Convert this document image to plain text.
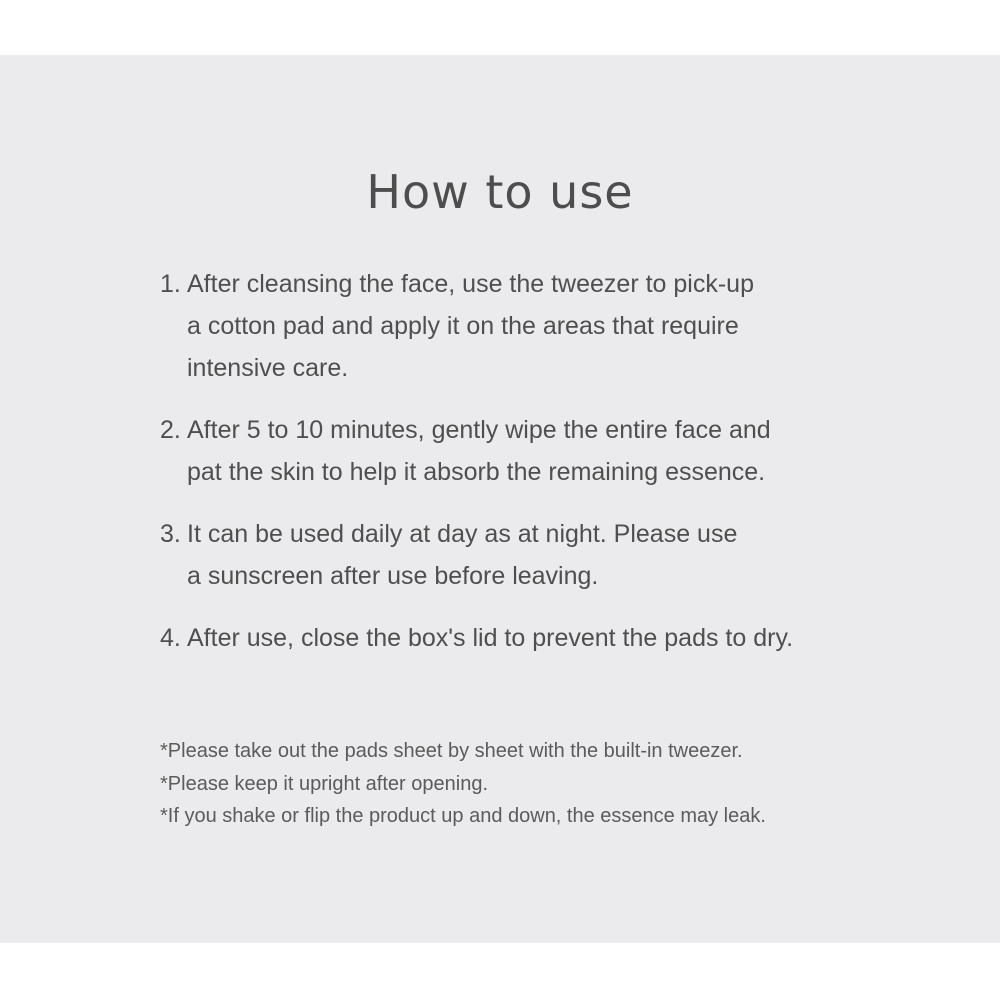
How to use
1. After cleansing the face, use the tweezer to pick-up
a cotton pad and apply it on the areas that require
intensive care.
2. After 5 to 10 minutes, gently wipe the entire face and
pat the skin to help it absorb the remaining essence.
3. It can be used daily at day as at night. Please use
a sunscreen after use before leaving.
4. After use, close the box's lid to prevent the pads to dry.
*Please take out the pads sheet by sheet with the built-in tweezer.
*Please keep it upright after opening.
*If you shake or flip the product up and down, the essence may leak.
